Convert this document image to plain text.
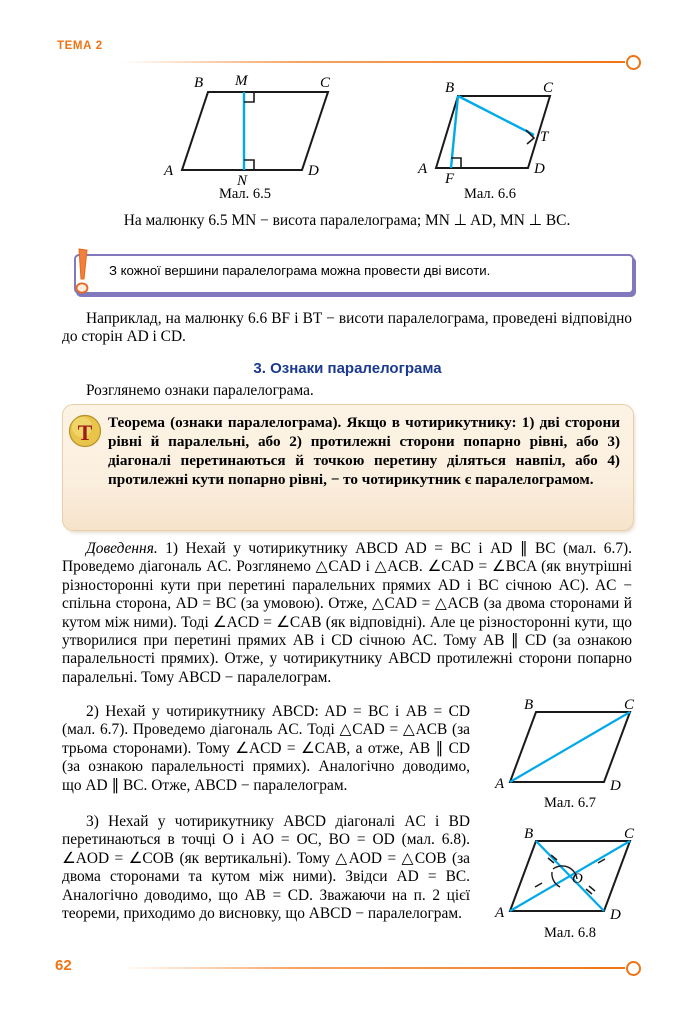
ТЕМА 2
B M	C
A
N
D
Мал. 6.5
B	C
T
A
F
D
Мал. 6.6
На малюнку 6.5 MN − висота паралелограма; MN ⊥ AD, MN ⊥ BC.
З кожної вершини паралелограма можна провести дві висоти.
Наприклад, на малюнку 6.6 BF і BT − висоти паралелограма, проведені відповідно до сторін AD і CD.
3. Ознаки паралелограма
Розглянемо ознаки паралелограма.
Т Теорема (ознаки паралелограма). Якщо в чотирикутнику: 1) дві сторони рівні й паралельні, або 2) протилежні сторони попарно рівні, або 3) діагоналі перетинаються й точкою перетину діляться навпіл, або 4) протилежні кути попарно рівні, − то чотирикутник є паралелограмом.
Доведення. 1) Нехай у чотирикутнику ABCD AD = BC і AD ∥ BC (мал. 6.7). Проведемо діагональ AC. Розглянемо △CAD і △ACB. ∠CAD = ∠BCA (як внутрішні різносторонні кути при перетині паралельних прямих AD і BC січною AC). AC − спільна сторона, AD = BC (за умовою). Отже, △CAD = △ACB (за двома сторонами й кутом між ними). Тоді ∠ACD = ∠CAB (як відповідні). Але це різносторонні кути, що утворилися при перетині прямих AB і CD січною AC. Тому AB ∥ CD (за ознакою паралельності прямих). Отже, у чотирикутнику ABCD протилежні сторони попарно паралельні. Тому ABCD − паралелограм.
2) Нехай у чотирикутнику ABCD: AD = BC і AB = CD (мал. 6.7). Проведемо діагональ AC. Тоді △CAD = △ACB (за трьома сторонами). Тому ∠ACD = ∠CAB, а отже, AB ∥ CD (за ознакою паралельності прямих). Аналогічно доводимо, що AD ∥ BC. Отже, ABCD − паралелограм.
B	C
A	D
Мал. 6.7
3) Нехай у чотирикутнику ABCD діагоналі AC і BD перетинаються в точці O і AO = OC, BO = OD (мал. 6.8). ∠AOD = ∠COB (як вертикальні). Тому △AOD = △COB (за двома сторонами та кутом між ними). Звідси AD = BC. Аналогічно доводимо, що AB = CD. Зважаючи на п. 2 цієї теореми, приходимо до висновку, що ABCD − паралелограм.
B	C
A	D
O
Мал. 6.8
62
